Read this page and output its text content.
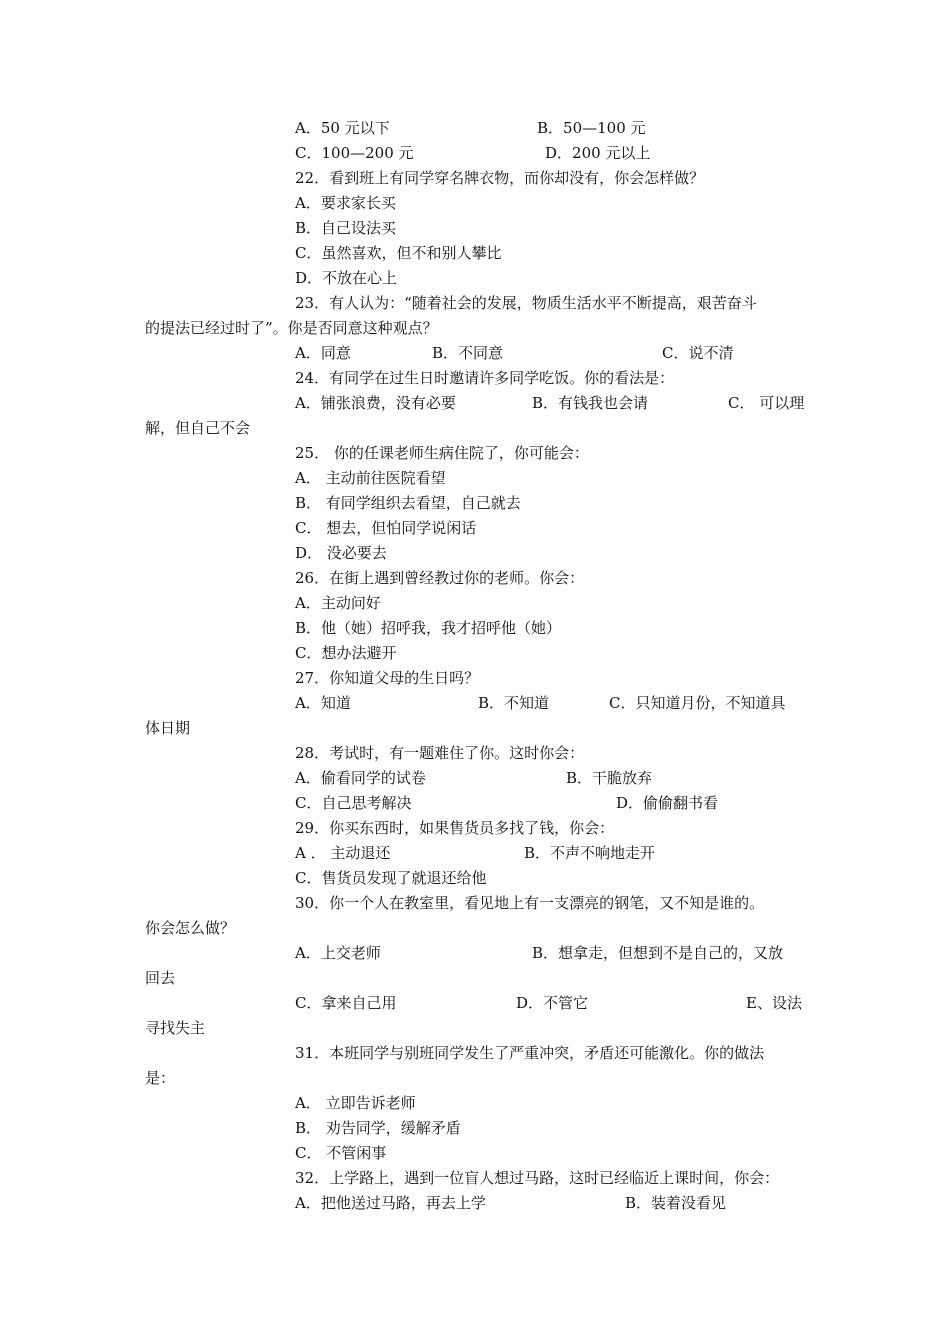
A．50 元以下	B．50—100 元
C．100—200 元	D．200 元以上
22．看到班上有同学穿名牌衣物，而你却没有，你会怎样做？
A．要求家长买
B．自己设法买
C．虽然喜欢，但不和别人攀比
D．不放在心上
23．有人认为：“随着社会的发展，物质生活水平不断提高，艰苦奋斗
的提法已经过时了”。你是否同意这种观点？
A．同意	B．不同意	C．说不清
24．有同学在过生日时邀请许多同学吃饭。你的看法是：
A．铺张浪费，没有必要	B．有钱我也会请	C． 可以理
解，但自己不会
25． 你的任课老师生病住院了，你可能会：
A． 主动前往医院看望
B． 有同学组织去看望，自己就去
C． 想去，但怕同学说闲话
D． 没必要去
26．在街上遇到曾经教过你的老师。你会：
A．主动问好
B．他（她）招呼我，我才招呼他（她）
C．想办法避开
27．你知道父母的生日吗？
A．知道	B．不知道	C．只知道月份，不知道具
体日期
28．考试时，有一题难住了你。这时你会：
A．偷看同学的试卷	B．干脆放弃
C．自己思考解决	D．偷偷翻书看
29．你买东西时，如果售货员多找了钱，你会：
A ． 主动退还	B．不声不响地走开
C．售货员发现了就退还给他
30．你一个人在教室里，看见地上有一支漂亮的钢笔，又不知是谁的。
你会怎么做？
A．上交老师	B．想拿走，但想到不是自己的，又放
回去
C．拿来自己用	D．不管它	E、设法
寻找失主
31．本班同学与别班同学发生了严重冲突，矛盾还可能激化。你的做法
是：
A． 立即告诉老师
B． 劝告同学，缓解矛盾
C． 不管闲事
32．上学路上，遇到一位盲人想过马路，这时已经临近上课时间，你会：
A．把他送过马路，再去上学	B．装着没看见
